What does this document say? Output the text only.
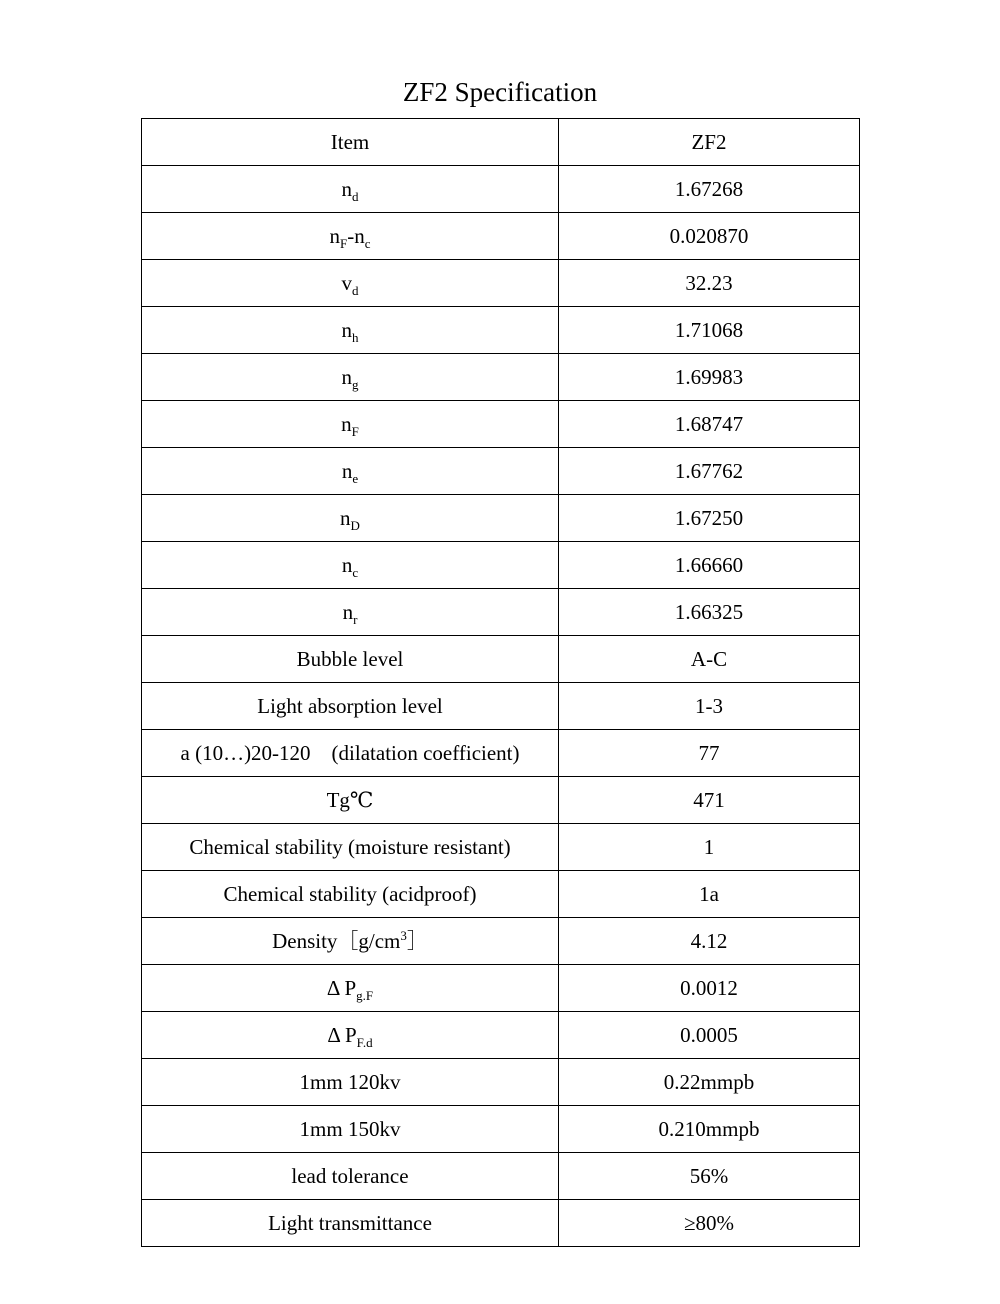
ZF2 Specification
Item	ZF2
$n_d$	1.67268
$n_F-n_c$	0.020870
$v_d$	32.23
$n_h$	1.71068
$n_g$	1.69983
$n_F$	1.68747
$n_e$	1.67762
$n_D$	1.67250
$n_c$	1.66660
$n_r$	1.66325
Bubble level	A-C
Light absorption level	1-3
a (10…)20-120　(dilatation coefficient)	77
Tg℃	471
Chemical stability (moisture resistant)	1
Chemical stability (acidproof)	1a
$Density[g/cm^3]$	4.12
Δ $P_{g.F}$	0.0012
Δ $P_{F.d}$	0.0005
1mm 120kv	0.22mmpb
1mm 150kv	0.210mmpb
lead tolerance	56%
Light transmittance	≥80%
